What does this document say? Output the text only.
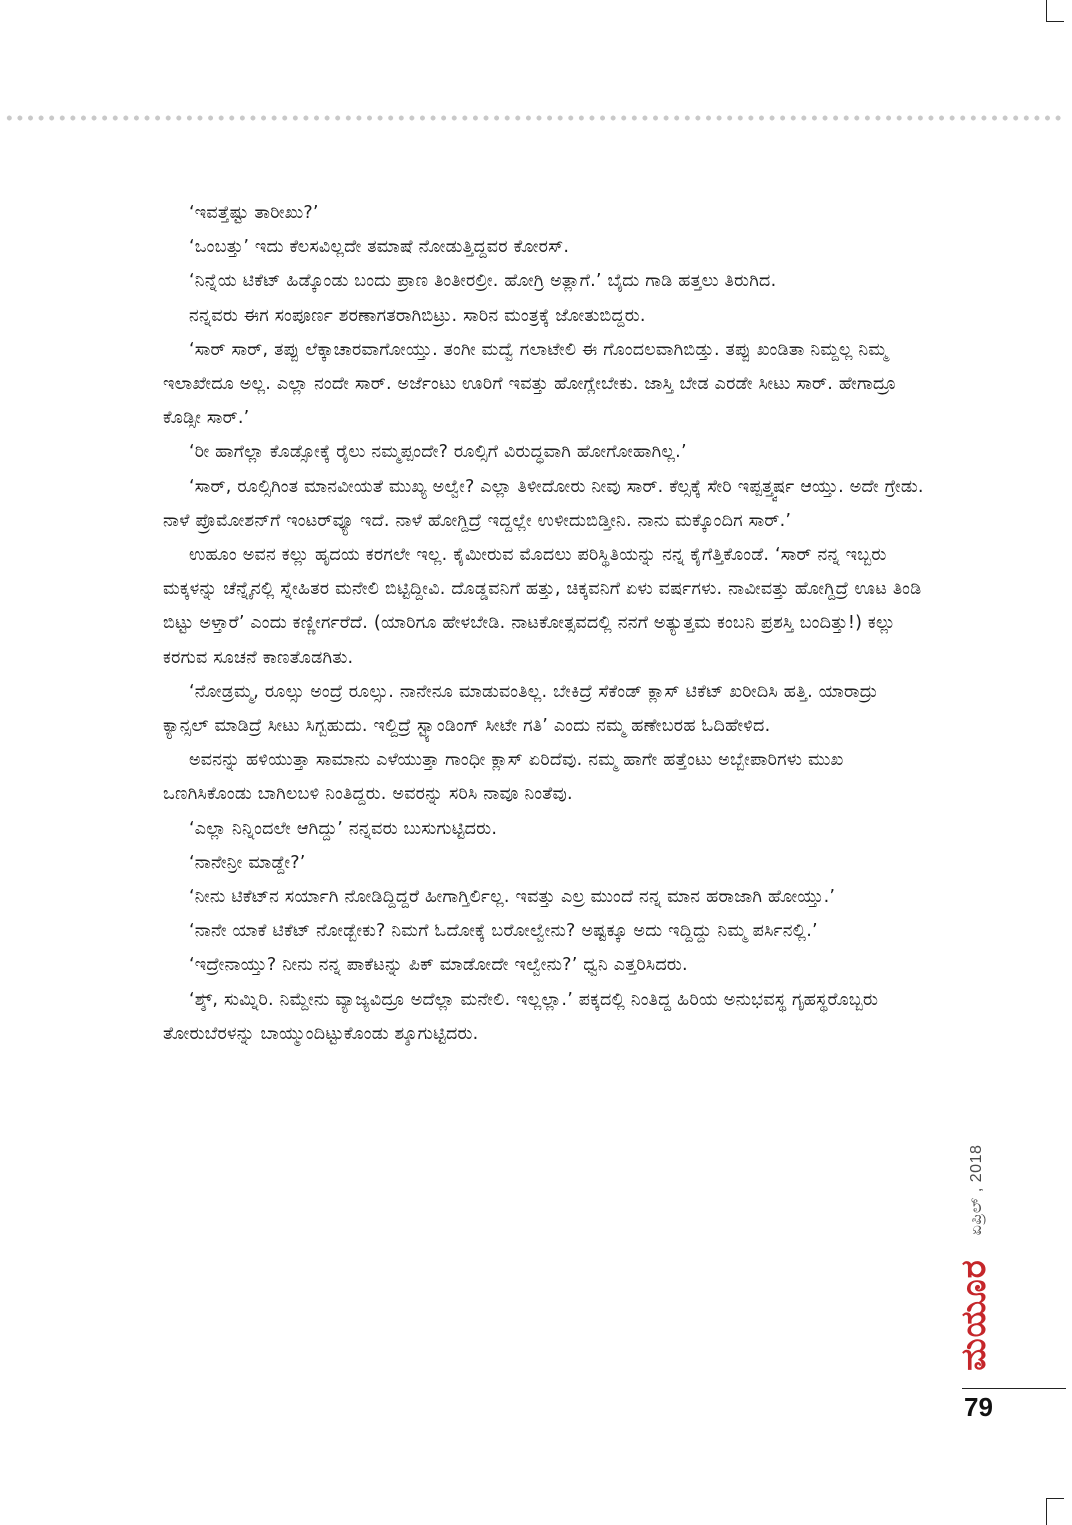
‘ಇವತ್ತೆಷ್ಟು ತಾರೀಖು?’

‘ಒಂಬತ್ತು’ ಇದು ಕೆಲಸವಿಲ್ಲದೇ ತಮಾಷೆ ನೋಡುತ್ತಿದ್ದವರ ಕೋರಸ್.

‘ನಿನ್ನೆಯ ಟಿಕೆಟ್ ಹಿಡ್ಕೊಂಡು ಬಂದು ಪ್ರಾಣ ತಿಂತೀರಲ್ರೀ. ಹೋಗ್ರಿ ಅತ್ಲಾಗೆ.’ ಬೈದು ಗಾಡಿ ಹತ್ತಲು ತಿರುಗಿದ.

ನನ್ನವರು ಈಗ ಸಂಪೂರ್ಣ ಶರಣಾಗತರಾಗಿಬಿಟ್ರು. ಸಾರಿನ ಮಂತ್ರಕ್ಕೆ ಜೋತುಬಿದ್ದರು.

‘ಸಾರ್ ಸಾರ್, ತಪ್ಪು ಲೆಕ್ಕಾಚಾರವಾಗೋಯ್ತು. ತಂಗೀ ಮದ್ವೆ ಗಲಾಟೇಲಿ ಈ ಗೊಂದಲವಾಗಿಬಿಡ್ತು. ತಪ್ಪು ಖಂಡಿತಾ ನಿಮ್ದಲ್ಲ ನಿಮ್ಮ ಇಲಾಖೇದೂ ಅಲ್ಲ. ಎಲ್ಲಾ ನಂದೇ ಸಾರ್. ಅರ್ಜೆಂಟು ಊರಿಗೆ ಇವತ್ತು ಹೋಗ್ಲೇಬೇಕು. ಜಾಸ್ತಿ ಬೇಡ ಎರಡೇ ಸೀಟು ಸಾರ್. ಹೇಗಾದ್ರೂ ಕೊಡ್ಸೀ ಸಾರ್.’

‘ರೀ ಹಾಗೆಲ್ಲಾ ಕೊಡ್ಸೋಕ್ಕೆ ರೈಲು ನಮ್ಮಪ್ಪಂದೇ? ರೂಲ್ಸಿಗೆ ವಿರುದ್ಧವಾಗಿ ಹೋಗೋಹಾಗಿಲ್ಲ.’

‘ಸಾರ್, ರೂಲ್ಸಿಗಿಂತ ಮಾನವೀಯತೆ ಮುಖ್ಯ ಅಲ್ವೇ? ಎಲ್ಲಾ ತಿಳೀದೋರು ನೀವು ಸಾರ್. ಕೆಲ್ಸಕ್ಕೆ ಸೇರಿ ಇಪ್ಪತ್ತ್ವರ್ಷ ಆಯ್ತು. ಅದೇ ಗ್ರೇಡು. ನಾಳೆ ಪ್ರೊಮೋಶನ್‌ಗೆ ಇಂಟರ್‌ವ್ಯೂ ಇದೆ. ನಾಳೆ ಹೋಗ್ದಿದ್ರೆ ಇದ್ದಲ್ಲೇ ಉಳೀದುಬಿಡ್ತೀನಿ. ನಾನು ಮಕ್ಕೊಂದಿಗ ಸಾರ್.’

ಉಹೂಂ ಅವನ ಕಲ್ಲು ಹೃದಯ ಕರಗಲೇ ಇಲ್ಲ. ಕೈಮೀರುವ ಮೊದಲು ಪರಿಸ್ಥಿತಿಯನ್ನು ನನ್ನ ಕೈಗೆತ್ತಿಕೊಂಡೆ. ‘ಸಾರ್ ನನ್ನ ಇಬ್ಬರು ಮಕ್ಕಳನ್ನು ಚೆನ್ನೈನಲ್ಲಿ ಸ್ನೇಹಿತರ ಮನೇಲಿ ಬಿಟ್ಟಿದ್ದೀವಿ. ದೊಡ್ಡವನಿಗೆ ಹತ್ತು, ಚಿಕ್ಕವನಿಗೆ ಏಳು ವರ್ಷಗಳು. ನಾವೀವತ್ತು ಹೋಗ್ದಿದ್ರೆ ಊಟ ತಿಂಡಿ ಬಿಟ್ಟು ಅಳ್ತಾರೆ’ ಎಂದು ಕಣ್ಣೀರ್ಗರೆದೆ. (ಯಾರಿಗೂ ಹೇಳಬೇಡಿ. ನಾಟಕೋತ್ಸವದಲ್ಲಿ ನನಗೆ ಅತ್ಯುತ್ತಮ ಕಂಬನಿ ಪ್ರಶಸ್ತಿ ಬಂದಿತ್ತು!) ಕಲ್ಲು ಕರಗುವ ಸೂಚನೆ ಕಾಣತೊಡಗಿತು.

‘ನೋಡ್ರಮ್ಮ, ರೂಲ್ಸು ಅಂದ್ರೆ ರೂಲ್ಸು. ನಾನೇನೂ ಮಾಡುವಂತಿಲ್ಲ. ಬೇಕಿದ್ರೆ ಸೆಕೆಂಡ್ ಕ್ಲಾಸ್ ಟಿಕೆಟ್ ಖರೀದಿಸಿ ಹತ್ತಿ. ಯಾರಾದ್ರು ಕ್ಯಾನ್ಸಲ್ ಮಾಡಿದ್ರೆ ಸೀಟು ಸಿಗ್ಬಹುದು. ಇಲ್ದಿದ್ರೆ ಸ್ಟ್ಯಾಂಡಿಂಗ್ ಸೀಟೇ ಗತಿ’ ಎಂದು ನಮ್ಮ ಹಣೇಬರಹ ಓದಿಹೇಳಿದ.

ಅವನನ್ನು ಹಳಿಯುತ್ತಾ ಸಾಮಾನು ಎಳೆಯುತ್ತಾ ಗಾಂಧೀ ಕ್ಲಾಸ್ ಏರಿದೆವು. ನಮ್ಮ ಹಾಗೇ ಹತ್ತೆಂಟು ಅಬ್ಬೇಪಾರಿಗಳು ಮುಖ ಒಣಗಿಸಿಕೊಂಡು ಬಾಗಿಲಬಳಿ ನಿಂತಿದ್ದರು. ಅವರನ್ನು ಸರಿಸಿ ನಾವೂ ನಿಂತೆವು.

‘ಎಲ್ಲಾ ನಿನ್ನಿಂದಲೇ ಆಗಿದ್ದು’ ನನ್ನವರು ಬುಸುಗುಟ್ಟಿದರು.

‘ನಾನೇನ್ರೀ ಮಾಡ್ದೇ?’

‘ನೀನು ಟಿಕೆಟ್‌ನ ಸರ್ಯಾಗಿ ನೋಡಿದ್ದಿದ್ದರೆ ಹೀಗಾಗ್ತಿರ್ಲಿಲ್ಲ. ಇವತ್ತು ಎಲ್ರ ಮುಂದೆ ನನ್ನ ಮಾನ ಹರಾಜಾಗಿ ಹೋಯ್ತು.’

‘ನಾನೇ ಯಾಕೆ ಟಿಕೆಟ್ ನೋಡ್ಬೇಕು? ನಿಮಗೆ ಓದೋಕ್ಕೆ ಬರೋಲ್ವೇನು? ಅಷ್ಟಕ್ಕೂ ಅದು ಇದ್ದಿದ್ದು ನಿಮ್ಮ ಪರ್ಸಿನಲ್ಲಿ.’

‘ಇದ್ರೇನಾಯ್ತು? ನೀನು ನನ್ನ ಪಾಕೆಟನ್ನು ಪಿಕ್ ಮಾಡೋದೇ ಇಲ್ವೇನು?’ ಧ್ವನಿ ಎತ್ತರಿಸಿದರು.

‘ಶ್ಶ್, ಸುಮ್ನಿರಿ. ನಿಮ್ದೇನು ವ್ಯಾಜ್ಯವಿದ್ರೂ ಅದೆಲ್ಲಾ ಮನೇಲಿ. ಇಲ್ಲಲ್ಲಾ.’ ಪಕ್ಕದಲ್ಲಿ ನಿಂತಿದ್ದ ಹಿರಿಯ ಅನುಭವಸ್ಥ ಗೃಹಸ್ಥರೊಬ್ಬರು ತೋರುಬೆರಳನ್ನು ಬಾಯ್ಮುಂದಿಟ್ಟುಕೊಂಡು ಶ್ಶೂಗುಟ್ಟಿದರು.

ಏಪ್ರಿಲ್ , 2018
ಮಯೂರ
79
